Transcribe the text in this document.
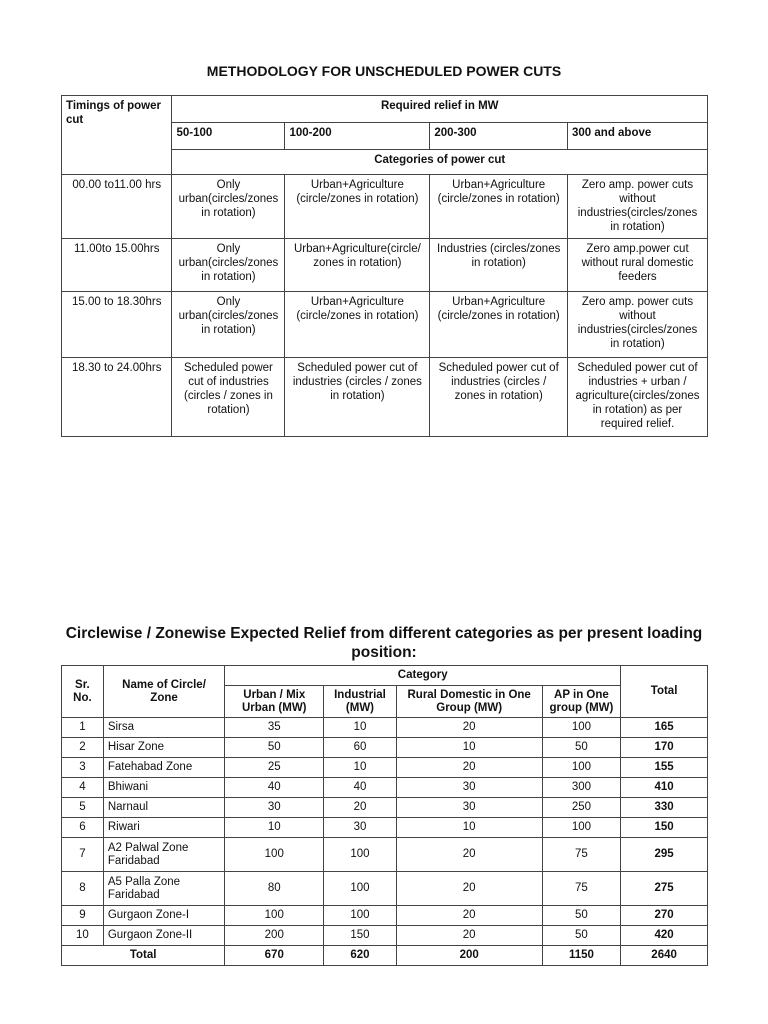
METHODOLOGY FOR UNSCHEDULED POWER CUTS
Timings of power cut	Required relief in MW			
	50-100	100-200	200-300	300 and above
	Categories of power cut			
00.00 to11.00 hrs	Only urban(circles/zones in rotation)	Urban+Agriculture (circle/zones in rotation)	Urban+Agriculture (circle/zones in rotation)	Zero amp. power cuts without industries(circles/zones in rotation)
11.00to 15.00hrs	Only urban(circles/zones in rotation)	Urban+Agriculture(circle/ zones in rotation)	Industries (circles/zones in rotation)	Zero amp.power cut without rural domestic feeders
15.00 to 18.30hrs	Only urban(circles/zones in rotation)	Urban+Agriculture (circle/zones in rotation)	Urban+Agriculture (circle/zones in rotation)	Zero amp. power cuts without industries(circles/zones in rotation)
18.30 to 24.00hrs	Scheduled power cut of industries (circles / zones in rotation)	Scheduled power cut of industries (circles / zones in rotation)	Scheduled power cut of industries (circles / zones in rotation)	Scheduled power cut of industries + urban / agriculture(circles/zones in rotation) as per required relief.
Circlewise / Zonewise Expected Relief from different categories as per present loading position:
Sr. No.	Name of Circle/ Zone	Category				Total
		Urban / Mix Urban (MW)	Industrial (MW)	Rural Domestic in One Group (MW)	AP in One group (MW)	
1	Sirsa	35	10	20	100	165
2	Hisar Zone	50	60	10	50	170
3	Fatehabad Zone	25	10	20	100	155
4	Bhiwani	40	40	30	300	410
5	Narnaul	30	20	30	250	330
6	Riwari	10	30	10	100	150
7	A2 Palwal Zone Faridabad	100	100	20	75	295
8	A5 Palla Zone Faridabad	80	100	20	75	275
9	Gurgaon Zone-I	100	100	20	50	270
10	Gurgaon Zone-II	200	150	20	50	420
Total		670	620	200	1150	2640
